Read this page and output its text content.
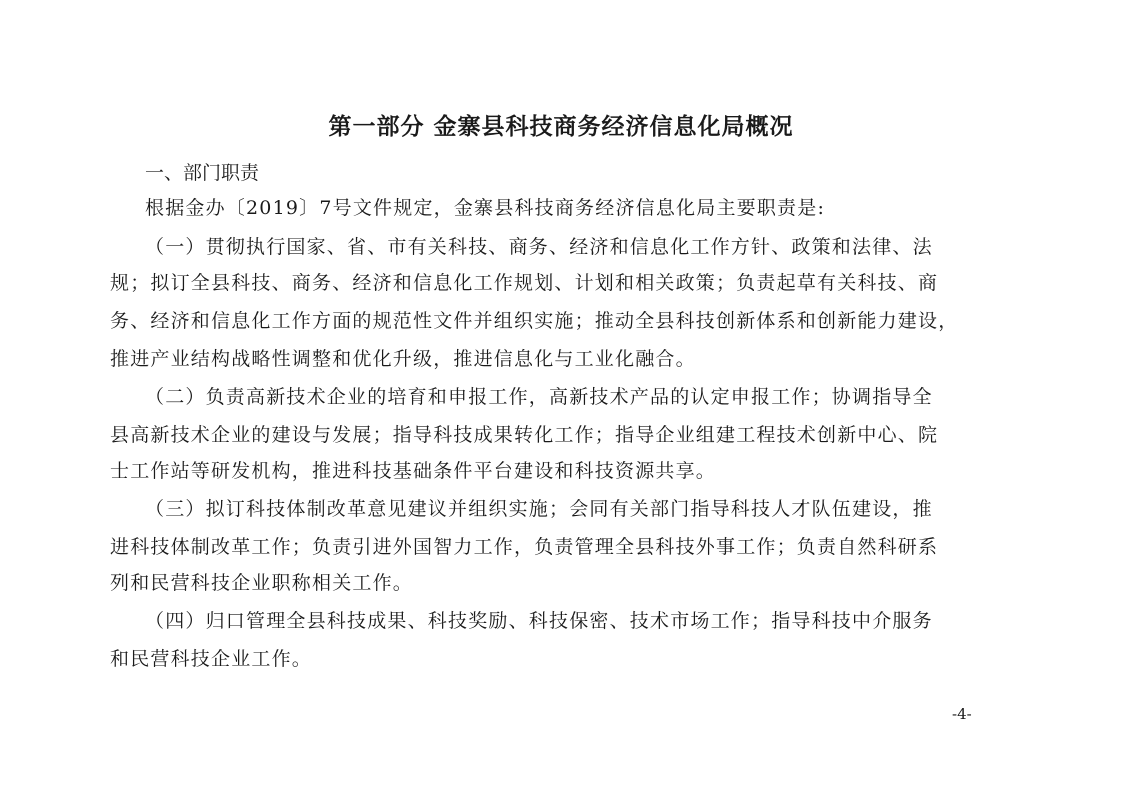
第一部分 金寨县科技商务经济信息化局概况
一、部门职责
根据金办〔2019〕7号文件规定，金寨县科技商务经济信息化局主要职责是:
（一）贯彻执行国家、省、市有关科技、商务、经济和信息化工作方针、政策和法律、法
规；拟订全县科技、商务、经济和信息化工作规划、计划和相关政策；负责起草有关科技、商
务、经济和信息化工作方面的规范性文件并组织实施；推动全县科技创新体系和创新能力建设，
推进产业结构战略性调整和优化升级，推进信息化与工业化融合。
（二）负责高新技术企业的培育和申报工作，高新技术产品的认定申报工作；协调指导全
县高新技术企业的建设与发展；指导科技成果转化工作；指导企业组建工程技术创新中心、院
士工作站等研发机构，推进科技基础条件平台建设和科技资源共享。
（三）拟订科技体制改革意见建议并组织实施；会同有关部门指导科技人才队伍建设，推
进科技体制改革工作；负责引进外国智力工作，负责管理全县科技外事工作；负责自然科研系
列和民营科技企业职称相关工作。
（四）归口管理全县科技成果、科技奖励、科技保密、技术市场工作；指导科技中介服务
和民营科技企业工作。
-4-
